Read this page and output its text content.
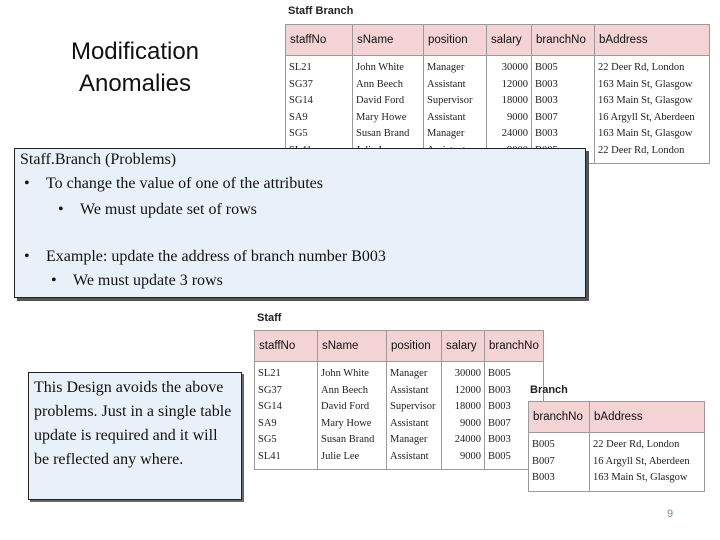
Modification
Anomalies
Staff Branch
staffNo	sName	position	salary	branchNo	bAddress
SL21	John White	Manager	30000	B005	22 Deer Rd, London
SG37	Ann Beech	Assistant	12000	B003	163 Main St, Glasgow
SG14	David Ford	Supervisor	18000	B003	163 Main St, Glasgow
SA9	Mary Howe	Assistant	9000	B007	16 Argyll St, Aberdeen
SG5	Susan Brand	Manager	24000	B003	163 Main St, Glasgow
					22 Deer Rd, London
Staff.Branch (Problems)
• To change the value of one of the attributes
• We must update set of rows
• Example: update the address of branch number B003
• We must update 3 rows
Staff
staffNo	sName	position	salary	branchNo
SL21	John White	Manager	30000	B005
SG37	Ann Beech	Assistant	12000	B003
SG14	David Ford	Supervisor	18000	B003
SA9	Mary Howe	Assistant	9000	B007
SG5	Susan Brand	Manager	24000	B003
SL41	Julie Lee	Assistant	9000	B005
Branch
branchNo	bAddress
B005	22 Deer Rd, London
B007	16 Argyll St, Aberdeen
B003	163 Main St, Glasgow
This Design avoids the above problems. Just in a single table update is required and it will be reflected any where.
9
